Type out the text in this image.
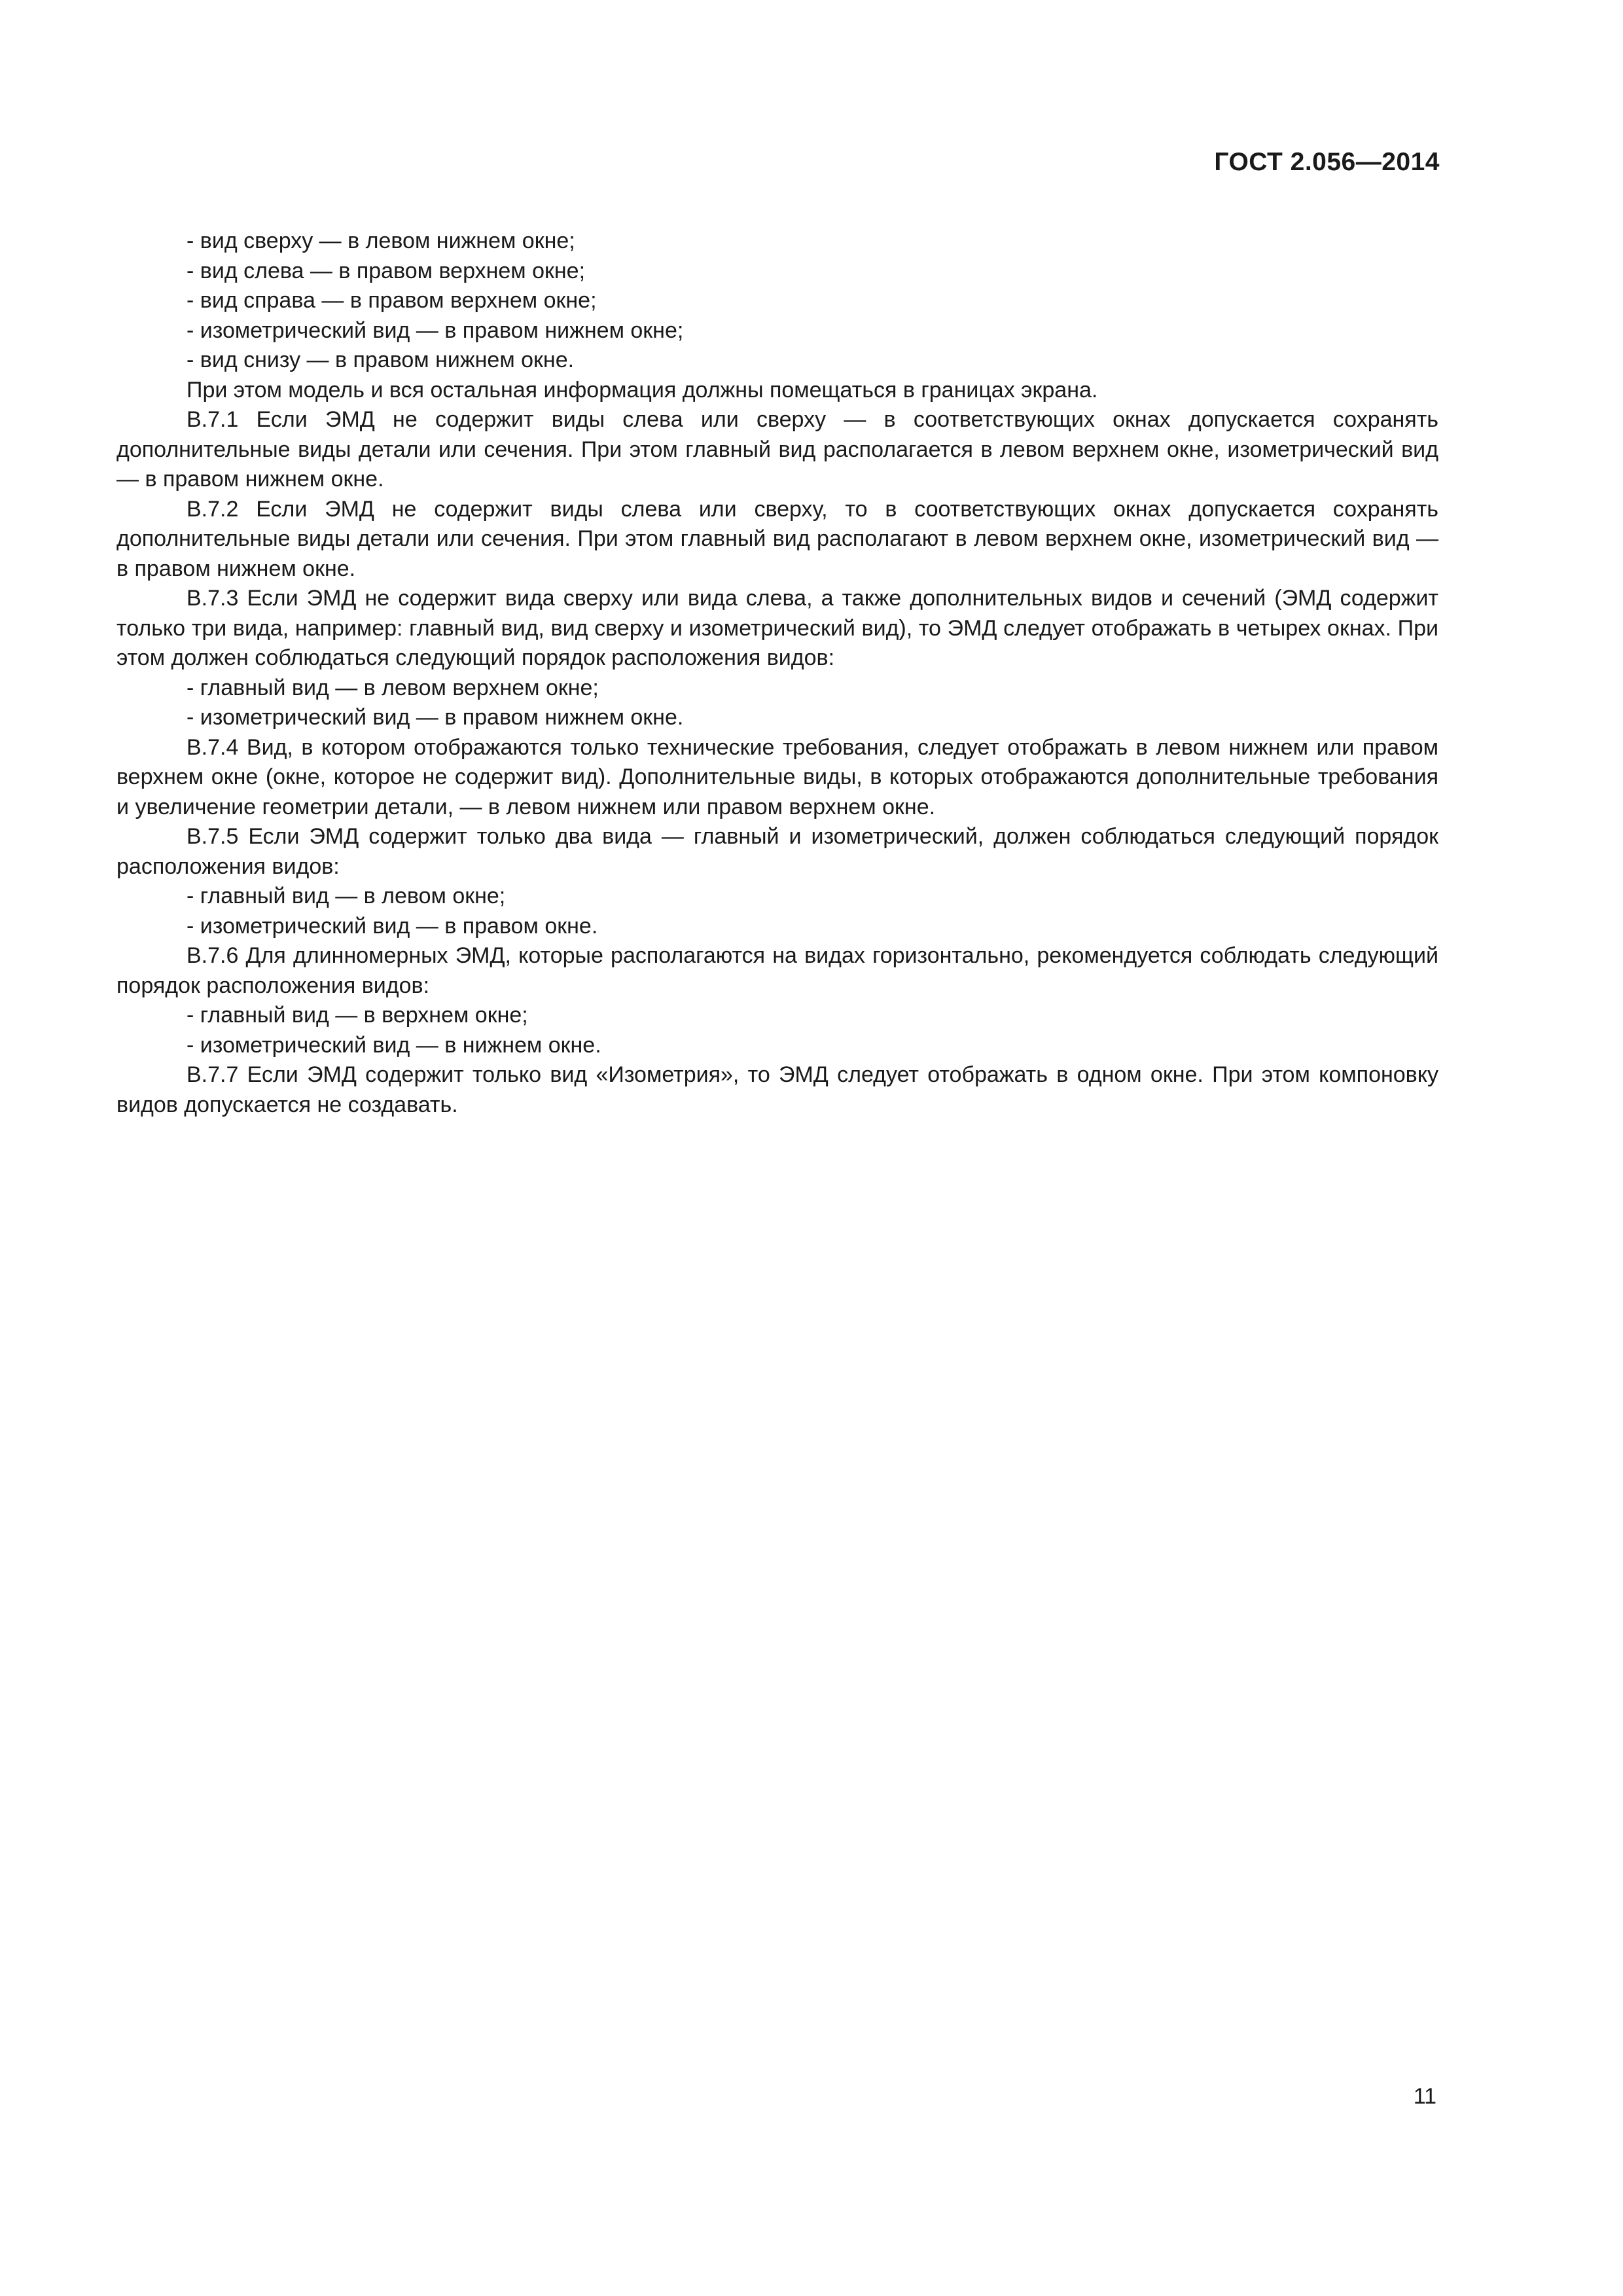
ГОСТ 2.056—2014

- вид сверху — в левом нижнем окне;

- вид слева — в правом верхнем окне;

- вид справа — в правом верхнем окне;

- изометрический вид — в правом нижнем окне;

- вид снизу — в правом нижнем окне.

При этом модель и вся остальная информация должны помещаться в границах экрана.

В.7.1 Если ЭМД не содержит виды слева или сверху — в соответствующих окнах допускается сохранять дополнительные виды детали или сечения. При этом главный вид располагается в левом верхнем окне, изометрический вид — в правом нижнем окне.

В.7.2 Если ЭМД не содержит виды слева или сверху, то в соответствующих окнах допускается сохранять дополнительные виды детали или сечения. При этом главный вид располагают в левом верхнем окне, изометрический вид — в правом нижнем окне.

В.7.3 Если ЭМД не содержит вида сверху или вида слева, а также дополнительных видов и сечений (ЭМД содержит только три вида, например: главный вид, вид сверху и изометрический вид), то ЭМД следует отображать в четырех окнах. При этом должен соблюдаться следующий порядок расположения видов:

- главный вид — в левом верхнем окне;

- изометрический вид — в правом нижнем окне.

В.7.4 Вид, в котором отображаются только технические требования, следует отображать в левом нижнем или правом верхнем окне (окне, которое не содержит вид). Дополнительные виды, в которых отображаются дополнительные требования и увеличение геометрии детали, — в левом нижнем или правом верхнем окне.

В.7.5 Если ЭМД содержит только два вида — главный и изометрический, должен соблюдаться следующий порядок расположения видов:

- главный вид — в левом окне;

- изометрический вид — в правом окне.

В.7.6 Для длинномерных ЭМД, которые располагаются на видах горизонтально, рекомендуется соблюдать следующий порядок расположения видов:

- главный вид — в верхнем окне;

- изометрический вид — в нижнем окне.

В.7.7 Если ЭМД содержит только вид «Изометрия», то ЭМД следует отображать в одном окне. При этом компоновку видов допускается не создавать.

11
